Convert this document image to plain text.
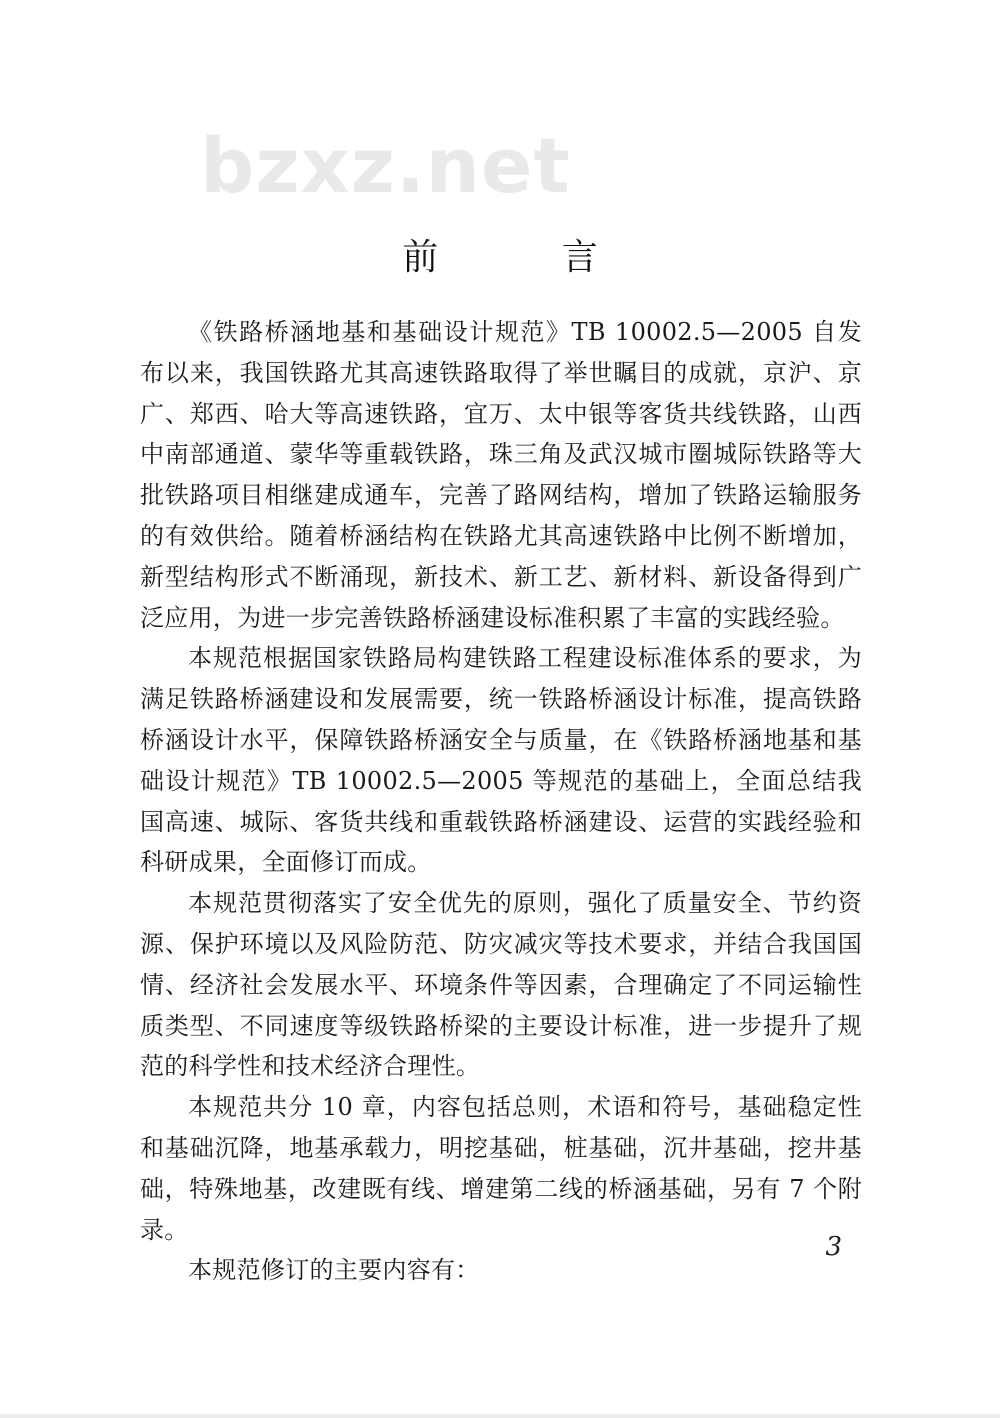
bzxz.net
前 言

《铁路桥涵地基和基础设计规范》TB 10002.5—2005 自发布以来，我国铁路尤其高速铁路取得了举世瞩目的成就，京沪、京广、郑西、哈大等高速铁路，宜万、太中银等客货共线铁路，山西中南部通道、蒙华等重载铁路，珠三角及武汉城市圈城际铁路等大批铁路项目相继建成通车，完善了路网结构，增加了铁路运输服务的有效供给。随着桥涵结构在铁路尤其高速铁路中比例不断增加，新型结构形式不断涌现，新技术、新工艺、新材料、新设备得到广泛应用，为进一步完善铁路桥涵建设标准积累了丰富的实践经验。

本规范根据国家铁路局构建铁路工程建设标准体系的要求，为满足铁路桥涵建设和发展需要，统一铁路桥涵设计标准，提高铁路桥涵设计水平，保障铁路桥涵安全与质量，在《铁路桥涵地基和基础设计规范》TB 10002.5—2005 等规范的基础上，全面总结我国高速、城际、客货共线和重载铁路桥涵建设、运营的实践经验和科研成果，全面修订而成。

本规范贯彻落实了安全优先的原则，强化了质量安全、节约资源、保护环境以及风险防范、防灾减灾等技术要求，并结合我国国情、经济社会发展水平、环境条件等因素，合理确定了不同运输性质类型、不同速度等级铁路桥梁的主要设计标准，进一步提升了规范的科学性和技术经济合理性。

本规范共分 10 章，内容包括总则，术语和符号，基础稳定性和基础沉降，地基承载力，明挖基础，桩基础，沉井基础，挖井基础，特殊地基，改建既有线、增建第二线的桥涵基础，另有 7 个附录。

本规范修订的主要内容有：

3
